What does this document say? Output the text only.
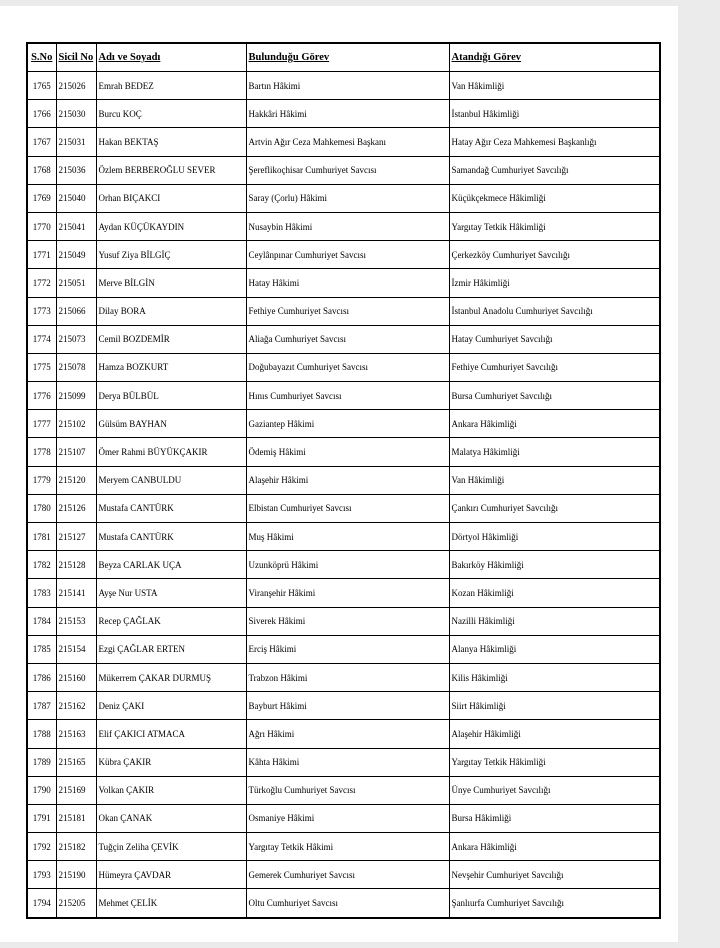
S.No	Sicil No	Adı ve Soyadı	Bulunduğu Görev	Atandığı Görev
1765	215026	Emrah BEDEZ	Bartın Hâkimi	Van Hâkimliği
1766	215030	Burcu KOÇ	Hakkâri Hâkimi	İstanbul Hâkimliği
1767	215031	Hakan BEKTAŞ	Artvin Ağır Ceza Mahkemesi Başkanı	Hatay Ağır Ceza Mahkemesi Başkanlığı
1768	215036	Özlem BERBEROĞLU SEVER	Şereflikoçhisar Cumhuriyet Savcısı	Samandağ Cumhuriyet Savcılığı
1769	215040	Orhan BIÇAKCI	Saray (Çorlu) Hâkimi	Küçükçekmece Hâkimliği
1770	215041	Aydan KÜÇÜKAYDIN	Nusaybin Hâkimi	Yargıtay Tetkik Hâkimliği
1771	215049	Yusuf Ziya BİLGİÇ	Ceylânpınar Cumhuriyet Savcısı	Çerkezköy Cumhuriyet Savcılığı
1772	215051	Merve BİLGİN	Hatay Hâkimi	İzmir Hâkimliği
1773	215066	Dilay BORA	Fethiye Cumhuriyet Savcısı	İstanbul Anadolu Cumhuriyet Savcılığı
1774	215073	Cemil BOZDEMİR	Aliağa Cumhuriyet Savcısı	Hatay Cumhuriyet Savcılığı
1775	215078	Hamza BOZKURT	Doğubayazıt Cumhuriyet Savcısı	Fethiye Cumhuriyet Savcılığı
1776	215099	Derya BÜLBÜL	Hınıs Cumhuriyet Savcısı	Bursa Cumhuriyet Savcılığı
1777	215102	Gülsüm BAYHAN	Gaziantep Hâkimi	Ankara Hâkimliği
1778	215107	Ömer Rahmi BÜYÜKÇAKIR	Ödemiş Hâkimi	Malatya Hâkimliği
1779	215120	Meryem CANBULDU	Alaşehir Hâkimi	Van Hâkimliği
1780	215126	Mustafa CANTÜRK	Elbistan Cumhuriyet Savcısı	Çankırı Cumhuriyet Savcılığı
1781	215127	Mustafa CANTÜRK	Muş Hâkimi	Dörtyol Hâkimliği
1782	215128	Beyza CARLAK UÇA	Uzunköprü Hâkimi	Bakırköy Hâkimliği
1783	215141	Ayşe Nur USTA	Viranşehir Hâkimi	Kozan Hâkimliği
1784	215153	Recep ÇAĞLAK	Siverek Hâkimi	Nazilli Hâkimliği
1785	215154	Ezgi ÇAĞLAR ERTEN	Erciş Hâkimi	Alanya Hâkimliği
1786	215160	Mükerrem ÇAKAR DURMUŞ	Trabzon Hâkimi	Kilis Hâkimliği
1787	215162	Deniz ÇAKI	Bayburt Hâkimi	Siirt Hâkimliği
1788	215163	Elif ÇAKICI ATMACA	Ağrı Hâkimi	Alaşehir Hâkimliği
1789	215165	Kübra ÇAKIR	Kâhta Hâkimi	Yargıtay Tetkik Hâkimliği
1790	215169	Volkan ÇAKIR	Türkoğlu Cumhuriyet Savcısı	Ünye Cumhuriyet Savcılığı
1791	215181	Okan ÇANAK	Osmaniye Hâkimi	Bursa Hâkimliği
1792	215182	Tuğçin Zeliha ÇEVİK	Yargıtay Tetkik Hâkimi	Ankara Hâkimliği
1793	215190	Hümeyra ÇAVDAR	Gemerek Cumhuriyet Savcısı	Nevşehir Cumhuriyet Savcılığı
1794	215205	Mehmet ÇELİK	Oltu Cumhuriyet Savcısı	Şanlıurfa Cumhuriyet Savcılığı
